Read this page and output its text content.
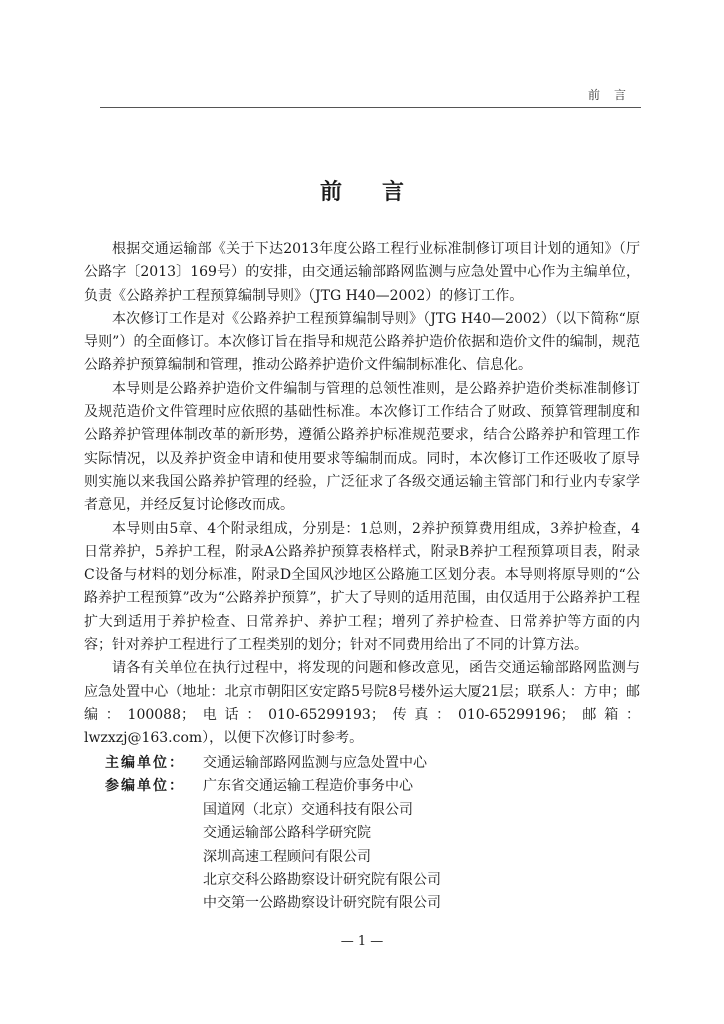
前言
前言

根据交通运输部《关于下达2013年度公路工程行业标准制修订项目计划的通知》（厅公路字〔2013〕169号）的安排，由交通运输部路网监测与应急处置中心作为主编单位，负责《公路养护工程预算编制导则》（JTG H40—2002）的修订工作。

本次修订工作是对《公路养护工程预算编制导则》（JTG H40—2002）（以下简称“原导则”）的全面修订。本次修订旨在指导和规范公路养护造价依据和造价文件的编制，规范公路养护预算编制和管理，推动公路养护造价文件编制标准化、信息化。

本导则是公路养护造价文件编制与管理的总领性准则，是公路养护造价类标准制修订及规范造价文件管理时应依照的基础性标准。本次修订工作结合了财政、预算管理制度和公路养护管理体制改革的新形势，遵循公路养护标准规范要求，结合公路养护和管理工作实际情况，以及养护资金申请和使用要求等编制而成。同时，本次修订工作还吸收了原导则实施以来我国公路养护管理的经验，广泛征求了各级交通运输主管部门和行业内专家学者意见，并经反复讨论修改而成。

本导则由5章、4个附录组成，分别是：1总则，2养护预算费用组成，3养护检查，4日常养护，5养护工程，附录A公路养护预算表格样式，附录B养护工程预算项目表，附录C设备与材料的划分标准，附录D全国风沙地区公路施工区划分表。本导则将原导则的“公路养护工程预算”改为“公路养护预算”，扩大了导则的适用范围，由仅适用于公路养护工程扩大到适用于养护检查、日常养护、养护工程；增列了养护检查、日常养护等方面的内容；针对养护工程进行了工程类别的划分；针对不同费用给出了不同的计算方法。

请各有关单位在执行过程中，将发现的问题和修改意见，函告交通运输部路网监测与应急处置中心（地址：北京市朝阳区安定路5号院8号楼外运大厦21层；联系人：方申；邮编：100088；电话：010-65299193；传真：010-65299196；邮箱：lwzxzj@163.com），以便下次修订时参考。

主编单位：	交通运输部路网监测与应急处置中心
参编单位：	广东省交通运输工程造价事务中心
国道网（北京）交通科技有限公司
交通运输部公路科学研究院
深圳高速工程顾问有限公司
北京交科公路勘察设计研究院有限公司
中交第一公路勘察设计研究院有限公司
— 1 —
